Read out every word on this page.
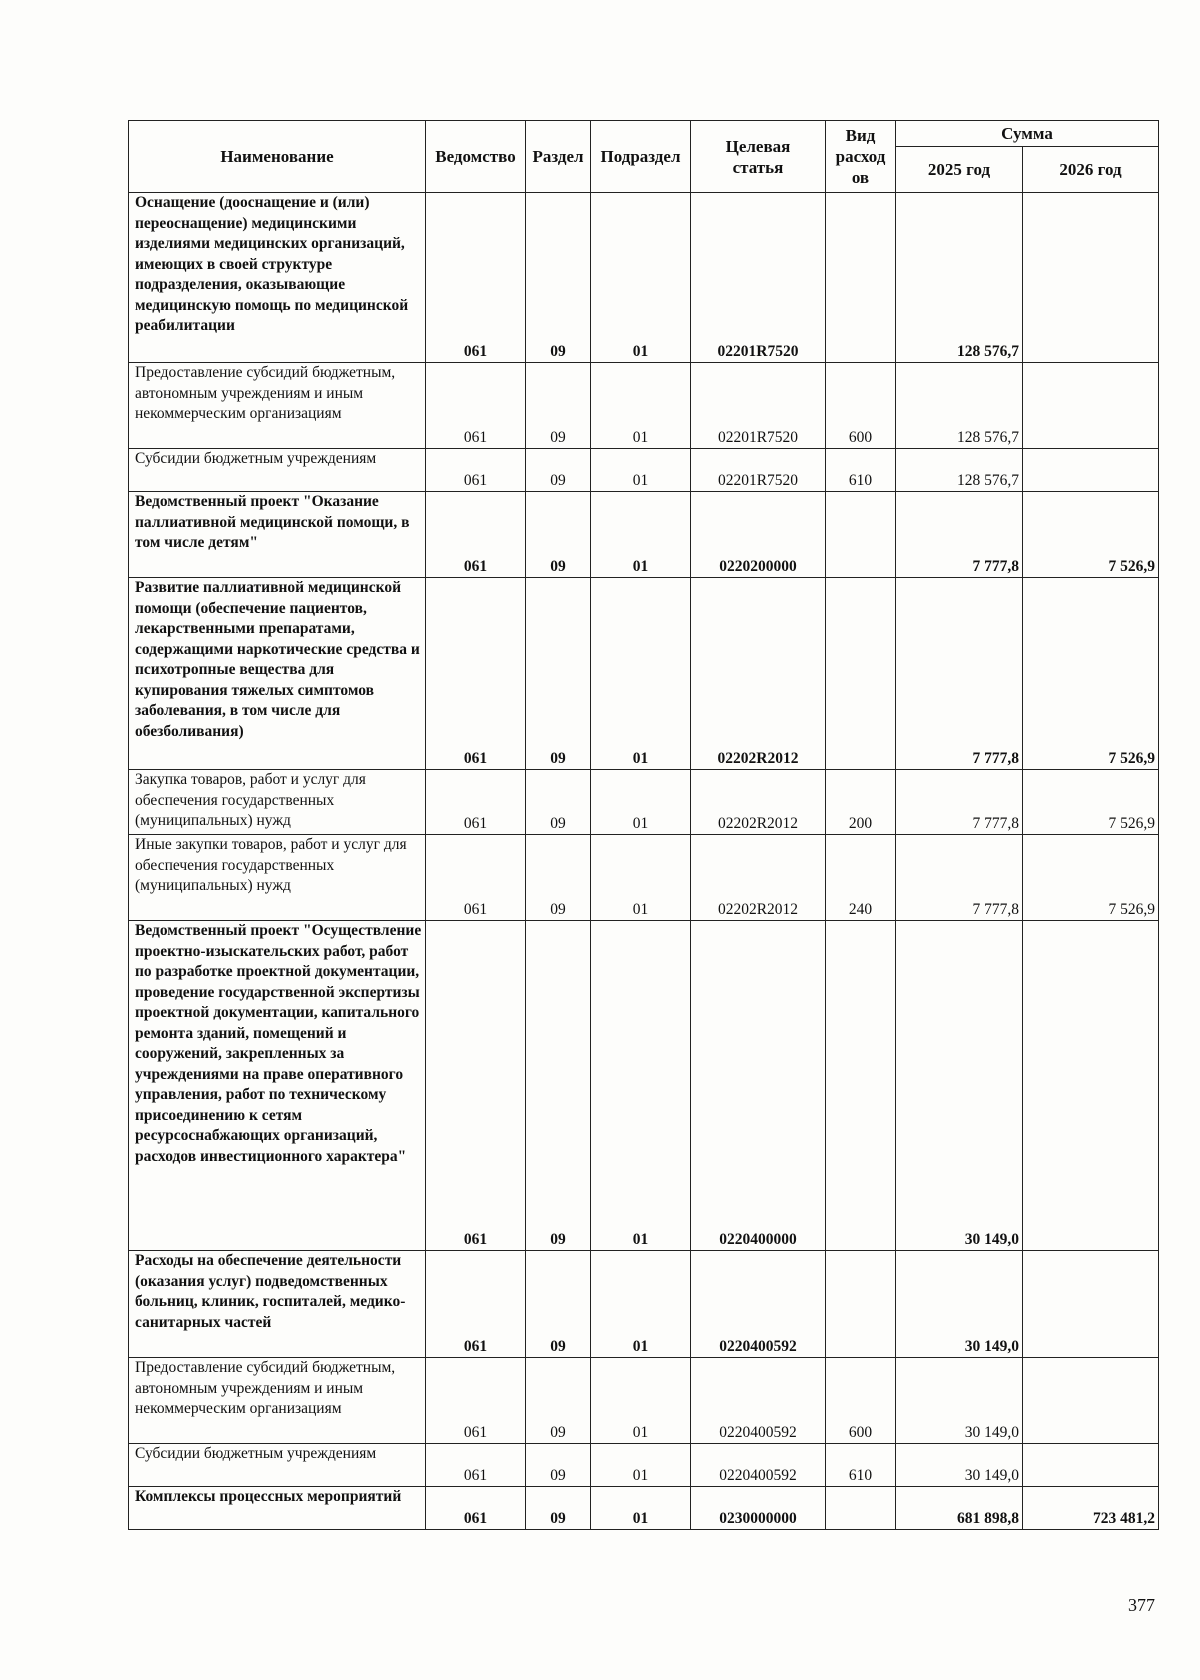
Наименование	Ведомство	Раздел	Подраздел	Целевая статья	Вид расход ов	Сумма	
						2025 год	2026 год
Оснащение (дооснащение и (или) переоснащение) медицинскими изделиями медицинских организаций, имеющих в своей структуре подразделения, оказывающие медицинскую помощь по медицинской реабилитации	061	09	01	02201R7520		128 576,7	
Предоставление субсидий бюджетным, автономным учреждениям и иным некоммерческим организациям	061	09	01	02201R7520	600	128 576,7	
Субсидии бюджетным учреждениям	061	09	01	02201R7520	610	128 576,7	
Ведомственный проект "Оказание паллиативной медицинской помощи, в том числе детям"	061	09	01	0220200000		7 777,8	7 526,9
Развитие паллиативной медицинской помощи (обеспечение пациентов, лекарственными препаратами, содержащими наркотические средства и психотропные вещества для купирования тяжелых симптомов заболевания, в том числе для обезболивания)	061	09	01	02202R2012		7 777,8	7 526,9
Закупка товаров, работ и услуг для обеспечения государственных (муниципальных) нужд	061	09	01	02202R2012	200	7 777,8	7 526,9
Иные закупки товаров, работ и услуг для обеспечения государственных (муниципальных) нужд	061	09	01	02202R2012	240	7 777,8	7 526,9
Ведомственный проект "Осуществление проектно-изыскательских работ, работ по разработке проектной документации, проведение государственной экспертизы проектной документации, капитального ремонта зданий, помещений и сооружений, закрепленных за учреждениями на праве оперативного управления, работ по техническому присоединению к сетям ресурсоснабжающих организаций, расходов инвестиционного характера"	061	09	01	0220400000		30 149,0	
Расходы на обеспечение деятельности (оказания услуг) подведомственных больниц, клиник, госпиталей, медико-санитарных частей	061	09	01	0220400592		30 149,0	
Предоставление субсидий бюджетным, автономным учреждениям и иным некоммерческим организациям	061	09	01	0220400592	600	30 149,0	
Субсидии бюджетным учреждениям	061	09	01	0220400592	610	30 149,0	
Комплексы процессных мероприятий	061	09	01	0230000000		681 898,8	723 481,2
377
